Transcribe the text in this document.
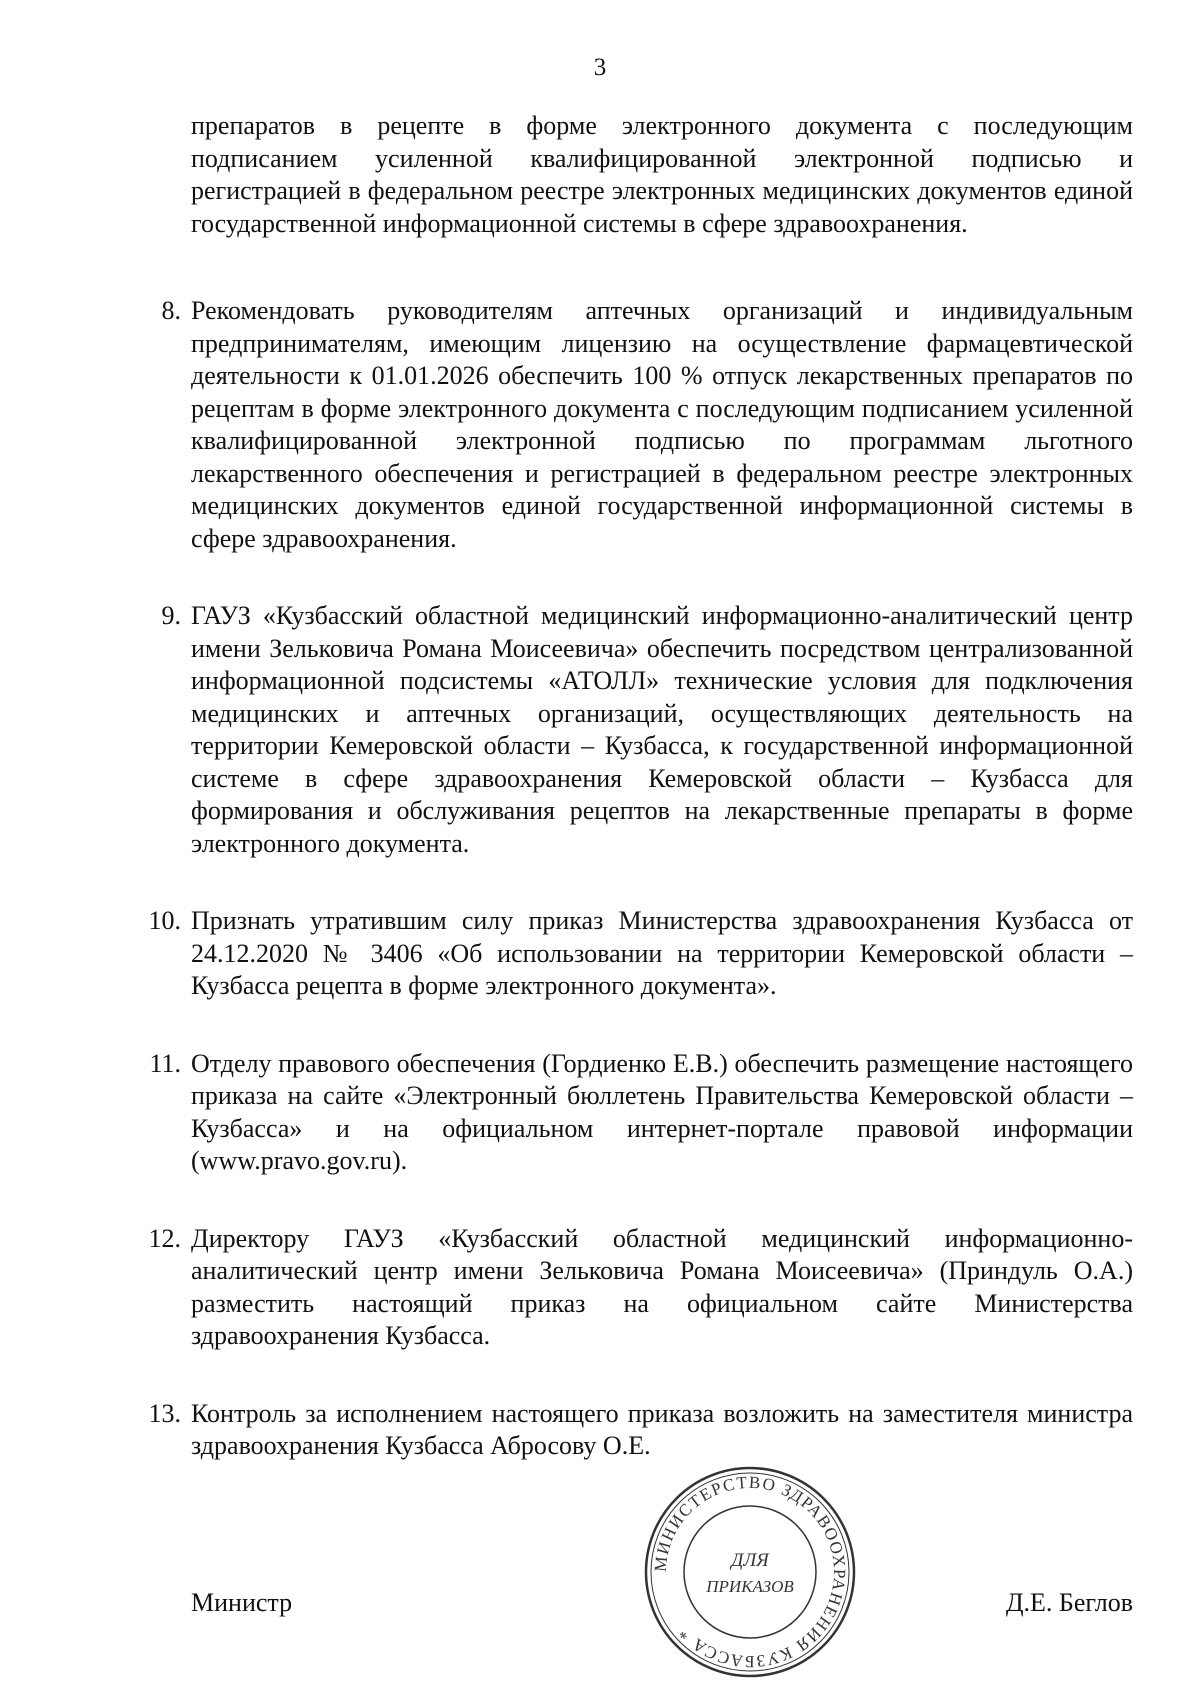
3
препаратов в рецепте в форме электронного документа с последующим подписанием усиленной квалифицированной электронной подписью и регистрацией в федеральном реестре электронных медицинских документов единой государственной информационной системы в сфере здравоохранения.
8. Рекомендовать руководителям аптечных организаций и индивидуальным предпринимателям, имеющим лицензию на осуществление фармацевтической деятельности к 01.01.2026 обеспечить 100 % отпуск лекарственных препаратов по рецептам в форме электронного документа с последующим подписанием усиленной квалифицированной электронной подписью по программам льготного лекарственного обеспечения и регистрацией в федеральном реестре электронных медицинских документов единой государственной информационной системы в сфере здравоохранения.
9. ГАУЗ «Кузбасский областной медицинский информационно-аналитический центр имени Зельковича Романа Моисеевича» обеспечить посредством централизованной информационной подсистемы «АТОЛЛ» технические условия для подключения медицинских и аптечных организаций, осуществляющих деятельность на территории Кемеровской области – Кузбасса, к государственной информационной системе в сфере здравоохранения Кемеровской области – Кузбасса для формирования и обслуживания рецептов на лекарственные препараты в форме электронного документа.
10. Признать утратившим силу приказ Министерства здравоохранения Кузбасса от 24.12.2020 № 3406 «Об использовании на территории Кемеровской области – Кузбасса рецепта в форме электронного документа».
11. Отделу правового обеспечения (Гордиенко Е.В.) обеспечить размещение настоящего приказа на сайте «Электронный бюллетень Правительства Кемеровской области – Кузбасса» и на официальном интернет-портале правовой информации (www.pravo.gov.ru).
12. Директору ГАУЗ «Кузбасский областной медицинский информационно-аналитический центр имени Зельковича Романа Моисеевича» (Приндуль О.А.) разместить настоящий приказ на официальном сайте Министерства здравоохранения Кузбасса.
13. Контроль за исполнением настоящего приказа возложить на заместителя министра здравоохранения Кузбасса Абросову О.Е.
Министр	Д.Е. Беглов
МИНИСТЕРСТВО ЗДРАВООХРАНЕНИЯ КУЗБАССА *
ДЛЯ
ПРИКАЗОВ
